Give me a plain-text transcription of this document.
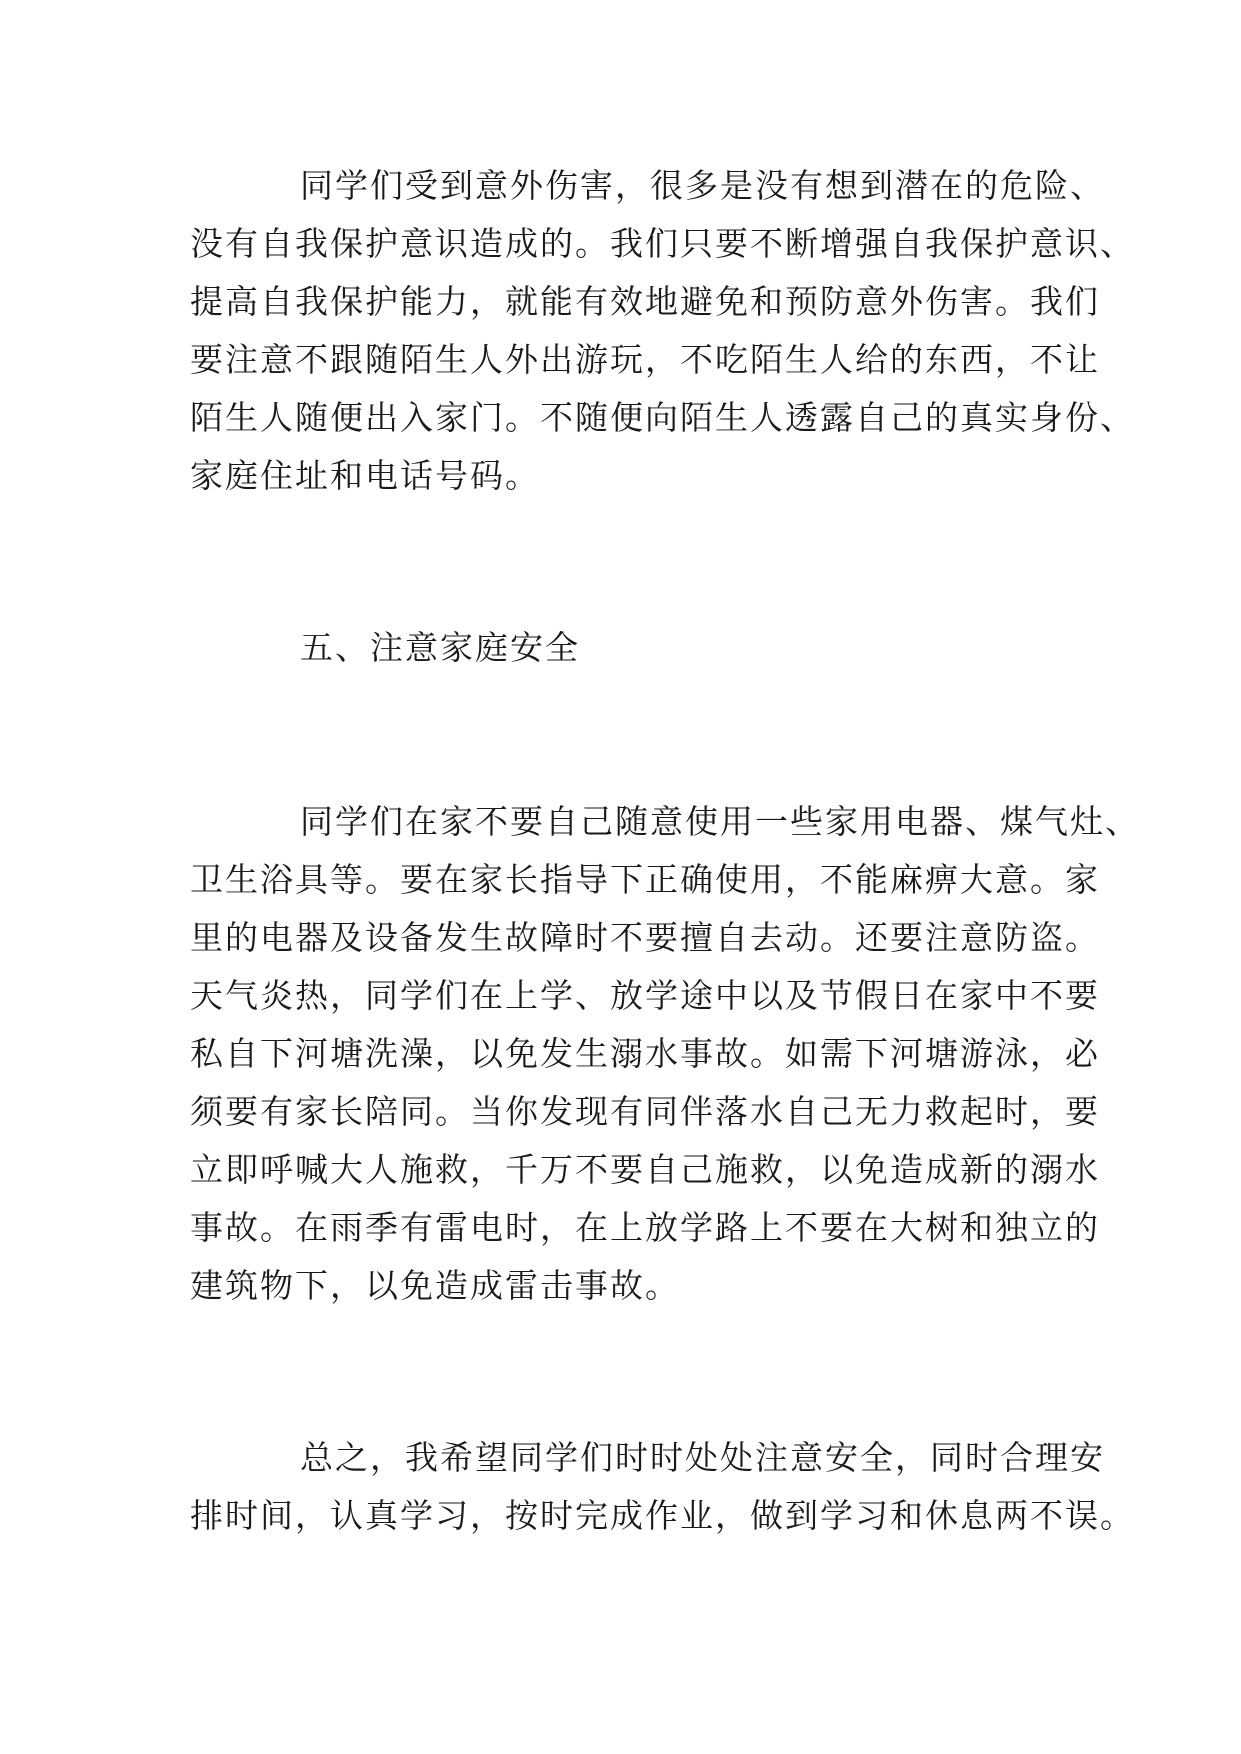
同学们受到意外伤害，很多是没有想到潜在的危险、
没有自我保护意识造成的。我们只要不断增强自我保护意识、
提高自我保护能力，就能有效地避免和预防意外伤害。我们
要注意不跟随陌生人外出游玩，不吃陌生人给的东西，不让
陌生人随便出入家门。不随便向陌生人透露自己的真实身份、
家庭住址和电话号码。
五、注意家庭安全
同学们在家不要自己随意使用一些家用电器、煤气灶、
卫生浴具等。要在家长指导下正确使用，不能麻痹大意。家
里的电器及设备发生故障时不要擅自去动。还要注意防盗。
天气炎热，同学们在上学、放学途中以及节假日在家中不要
私自下河塘洗澡，以免发生溺水事故。如需下河塘游泳，必
须要有家长陪同。当你发现有同伴落水自己无力救起时，要
立即呼喊大人施救，千万不要自己施救，以免造成新的溺水
事故。在雨季有雷电时，在上放学路上不要在大树和独立的
建筑物下，以免造成雷击事故。
总之，我希望同学们时时处处注意安全，同时合理安
排时间，认真学习，按时完成作业，做到学习和休息两不误。
